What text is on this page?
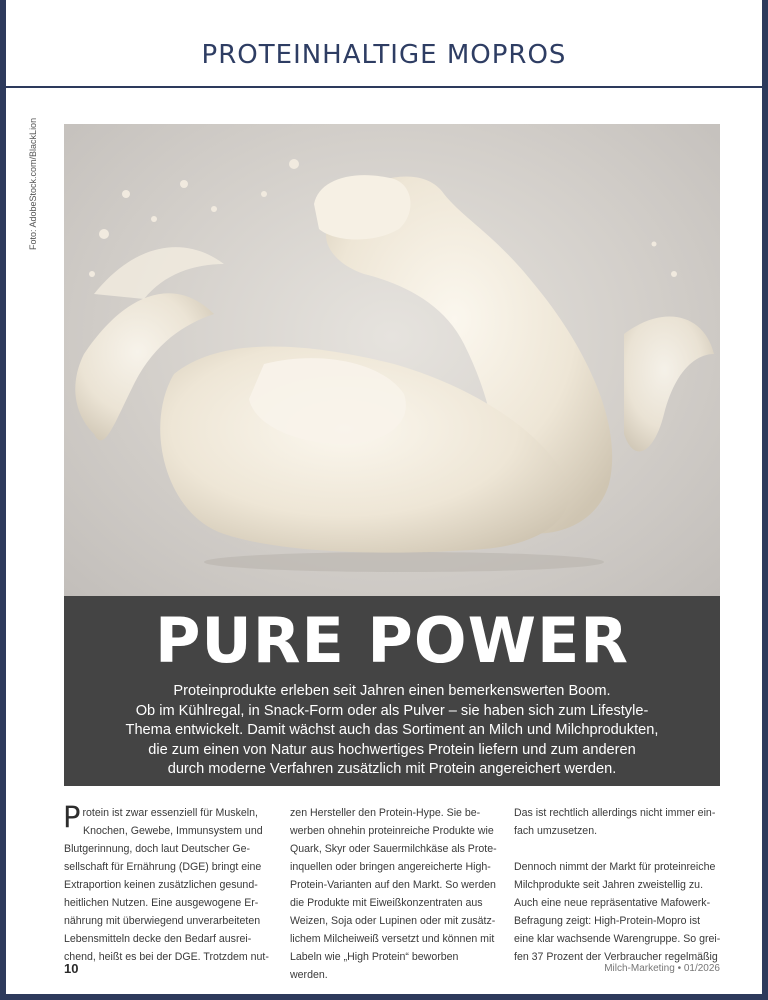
PROTEINHALTIGE MOPROS
Foto: AdobeStock.com/BlackLion
PURE POWER
Proteinprodukte erleben seit Jahren einen bemerkenswerten Boom.
Ob im Kühlregal, in Snack-Form oder als Pulver – sie haben sich zum Lifestyle-
Thema entwickelt. Damit wächst auch das Sortiment an Milch und Milchprodukten,
die zum einen von Natur aus hochwertiges Protein liefern und zum anderen
durch moderne Verfahren zusätzlich mit Protein angereichert werden.
Protein ist zwar essenziell für Muskeln,
Knochen, Gewebe, Immunsystem und
Blutgerinnung, doch laut Deutscher Ge-
sellschaft für Ernährung (DGE) bringt eine
Extraportion keinen zusätzlichen gesund-
heitlichen Nutzen. Eine ausgewogene Er-
nährung mit überwiegend unverarbeiteten
Lebensmitteln decke den Bedarf ausrei-
chend, heißt es bei der DGE. Trotzdem nut-
zen Hersteller den Protein-Hype. Sie be-
werben ohnehin proteinreiche Produkte wie
Quark, Skyr oder Sauermilchkäse als Prote-
inquellen oder bringen angereicherte High-
Protein-Varianten auf den Markt. So werden
die Produkte mit Eiweißkonzentraten aus
Weizen, Soja oder Lupinen oder mit zusätz-
lichem Milcheiweiß versetzt und können mit
Labeln wie „High Protein“ beworben werden.
Das ist rechtlich allerdings nicht immer ein-
fach umzusetzen.
Dennoch nimmt der Markt für proteinreiche
Milchprodukte seit Jahren zweistellig zu.
Auch eine neue repräsentative Mafowerk-
Befragung zeigt: High-Protein-Mopro ist
eine klar wachsende Warengruppe. So grei-
fen 37 Prozent der Verbraucher regelmäßig
10	Milch-Marketing • 01/2026
